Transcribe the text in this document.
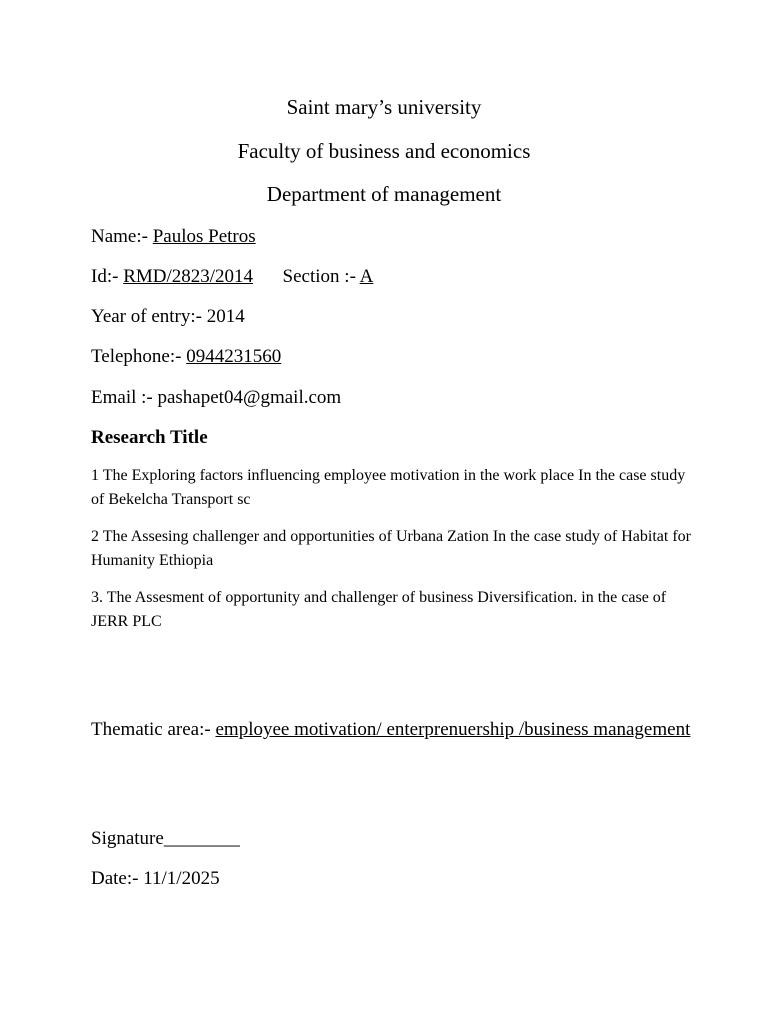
Saint mary’s university
Faculty of business and economics
Department of management
Name:- Paulos Petros
Id:- RMD/2823/2014 Section :- A
Year of entry:- 2014
Telephone:- 0944231560
Email :- pashapet04@gmail.com
Research Title
1 The Exploring factors influencing employee motivation in the work place In the case study of Bekelcha Transport sc
2 The Assesing challenger and opportunities of Urbana Zation In the case study of Habitat for Humanity Ethiopia
3. The Assesment of opportunity and challenger of business Diversification. in the case of JERR PLC
Thematic area:- employee motivation/ enterprenuership /business management
Signature________
Date:- 11/1/2025
